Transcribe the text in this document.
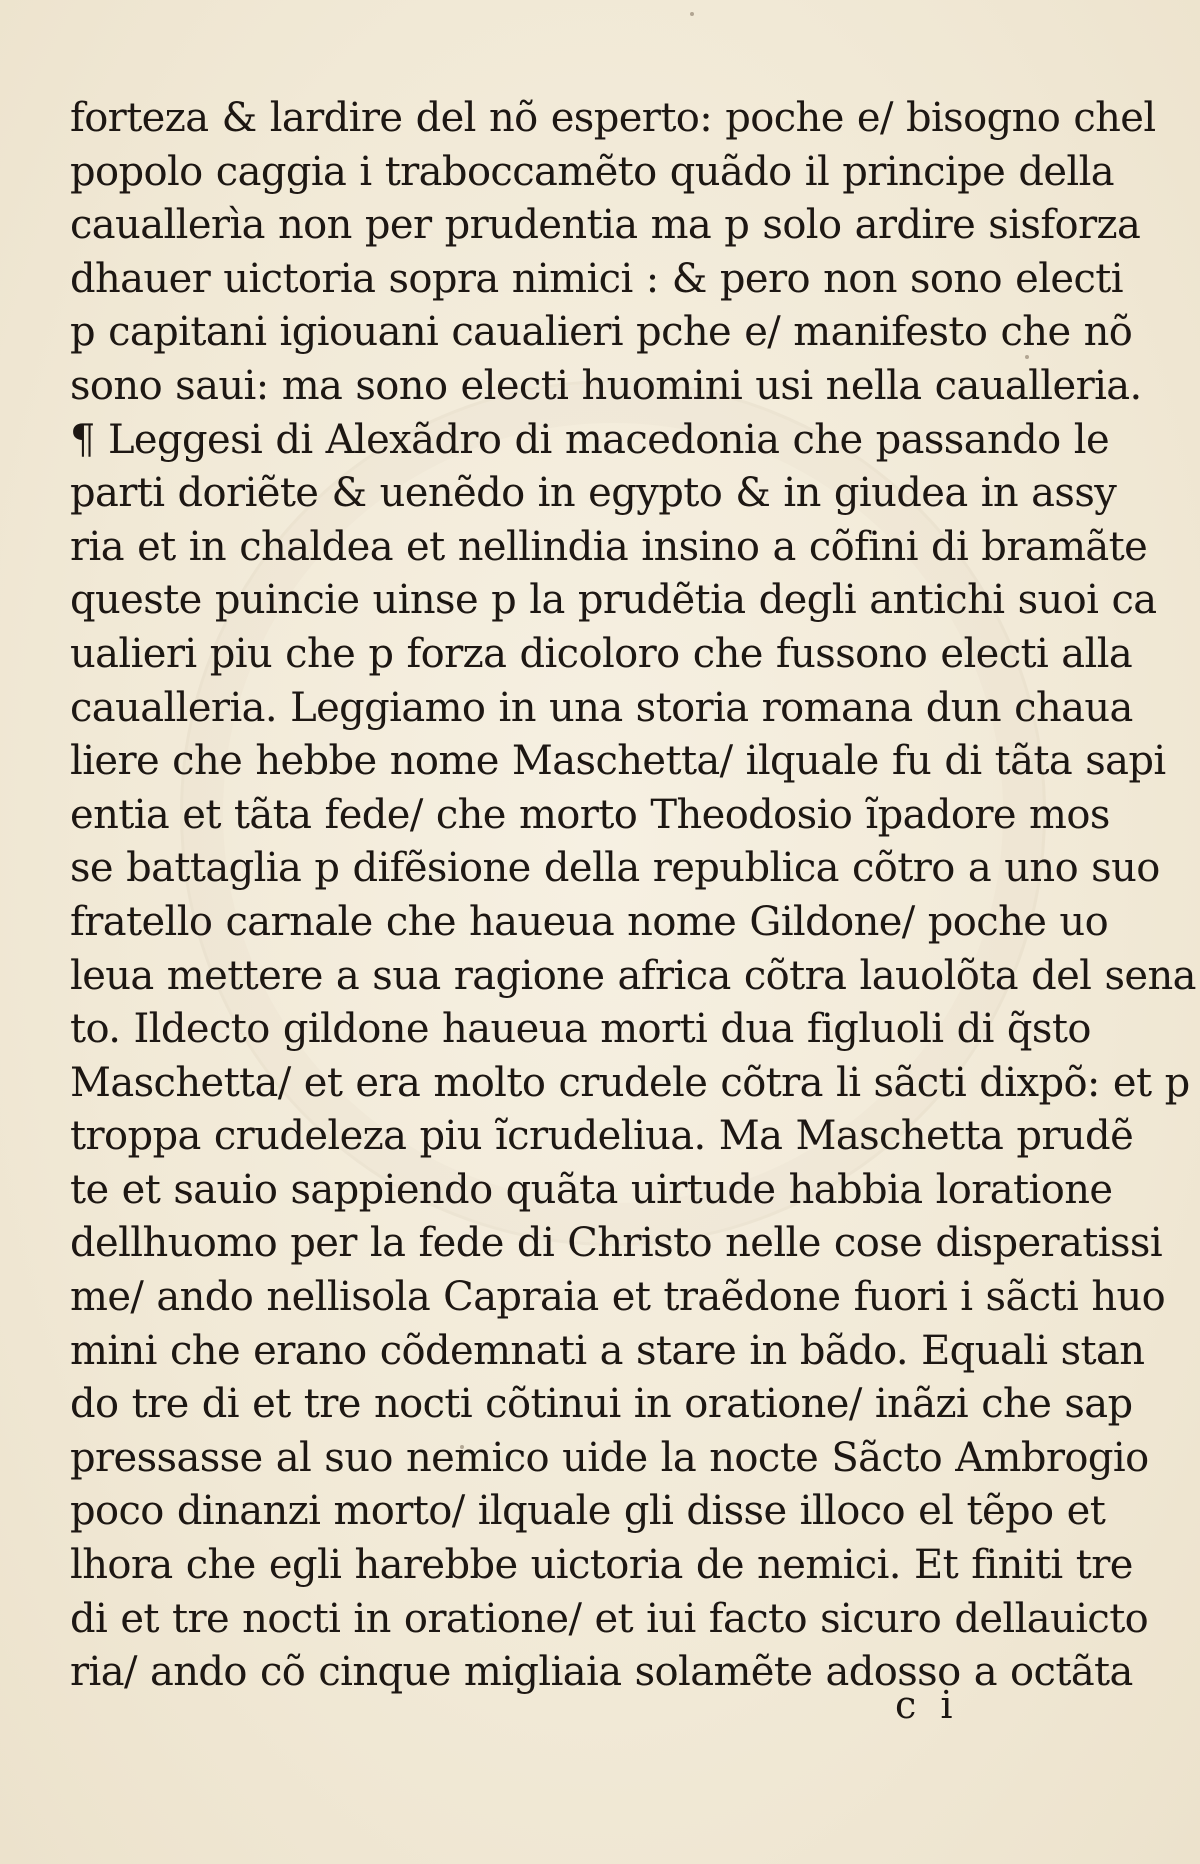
forteza & lardire del nõ esperto: poche e/ bisogno chel
popolo caggia i traboccamẽto quãdo il principe della
cauallerìa non per prudentia ma p solo ardire sisforza
dhauer uictoria sopra nimici : & pero non sono electi
p capitani igiouani caualieri pche e/ manifesto che nõ
sono saui: ma sono electi huomini usi nella caualleria.
¶ Leggesi di Alexãdro di macedonia che passando le
parti doriẽte & uenẽdo in egypto & in giudea in assy
ria et in chaldea et nellindia insino a cõfini di bramãte
queste puincie uinse p la prudẽtia degli antichi suoi ca
ualieri piu che p forza dicoloro che fussono electi alla
caualleria. Leggiamo in una storia romana dun chaua
liere che hebbe nome Maschetta/ ilquale fu di tãta sapi
entia et tãta fede/ che morto Theodosio ĩpadore mos
se battaglia p difẽsione della republica cõtro a uno suo
fratello carnale che haueua nome Gildone/ poche uo
leua mettere a sua ragione africa cõtra lauolõta del sena
to. Ildecto gildone haueua morti dua figluoli di q̃sto
Maschetta/ et era molto crudele cõtra li sãcti dixpõ: et p
troppa crudeleza piu ĩcrudeliua. Ma Maschetta prudẽ
te et sauio sappiendo quãta uirtude habbia loratione
dellhuomo per la fede di Christo nelle cose disperatissi
me/ ando nellisola Capraia et traẽdone fuori i sãcti huo
mini che erano cõdemnati a stare in bãdo. Equali stan
do tre di et tre nocti cõtinui in oratione/ inãzi che sap
pressasse al suo nemico uide la nocte Sãcto Ambrogio
poco dinanzi morto/ ilquale gli disse illoco el tẽpo et
lhora che egli harebbe uictoria de nemici. Et finiti tre
di et tre nocti in oratione/ et iui facto sicuro dellauicto
ria/ ando cõ cinque migliaia solamẽte adosso a octãta
c i
